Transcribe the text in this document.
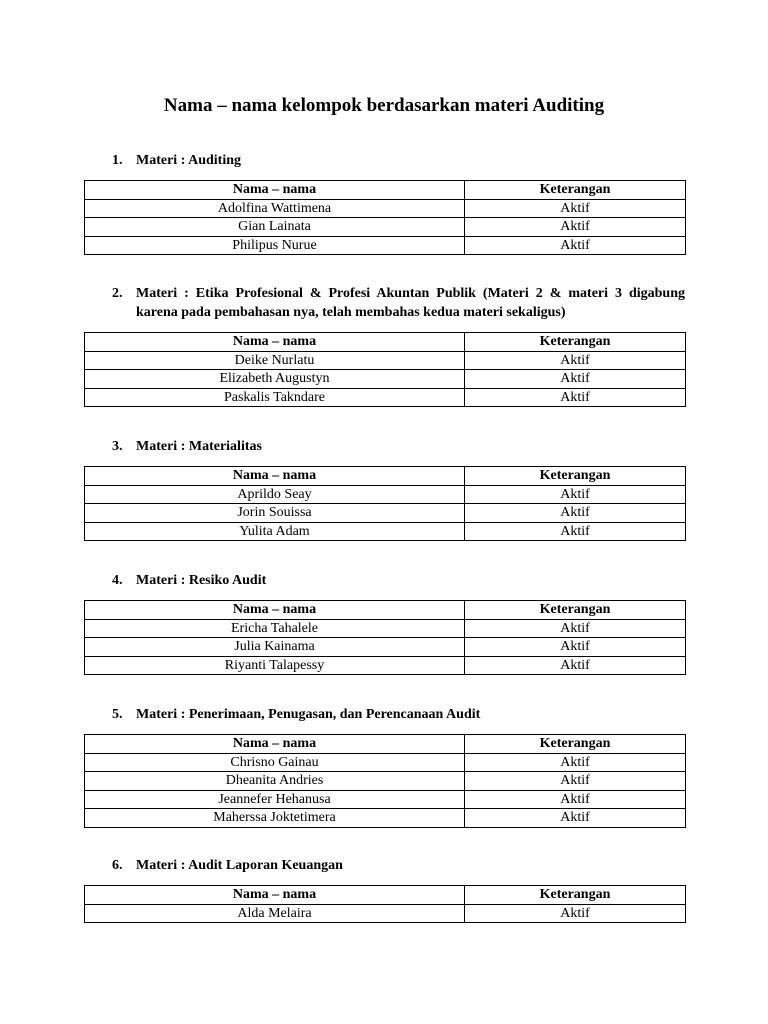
Nama – nama kelompok berdasarkan materi Auditing
1. Materi : Auditing
Nama – nama	Keterangan
Adolfina Wattimena	Aktif
Gian Lainata	Aktif
Philipus Nurue	Aktif
2. Materi : Etika Profesional & Profesi Akuntan Publik (Materi 2 & materi 3 digabung karena pada pembahasan nya, telah membahas kedua materi sekaligus)
Nama – nama	Keterangan
Deike Nurlatu	Aktif
Elizabeth Augustyn	Aktif
Paskalis Takndare	Aktif
3. Materi : Materialitas
Nama – nama	Keterangan
Aprildo Seay	Aktif
Jorin Souissa	Aktif
Yulita Adam	Aktif
4. Materi : Resiko Audit
Nama – nama	Keterangan
Ericha Tahalele	Aktif
Julia Kainama	Aktif
Riyanti Talapessy	Aktif
5. Materi : Penerimaan, Penugasan, dan Perencanaan Audit
Nama – nama	Keterangan
Chrisno Gainau	Aktif
Dheanita Andries	Aktif
Jeannefer Hehanusa	Aktif
Maherssa Joktetimera	Aktif
6. Materi : Audit Laporan Keuangan
Nama – nama	Keterangan
Alda Melaira	Aktif
